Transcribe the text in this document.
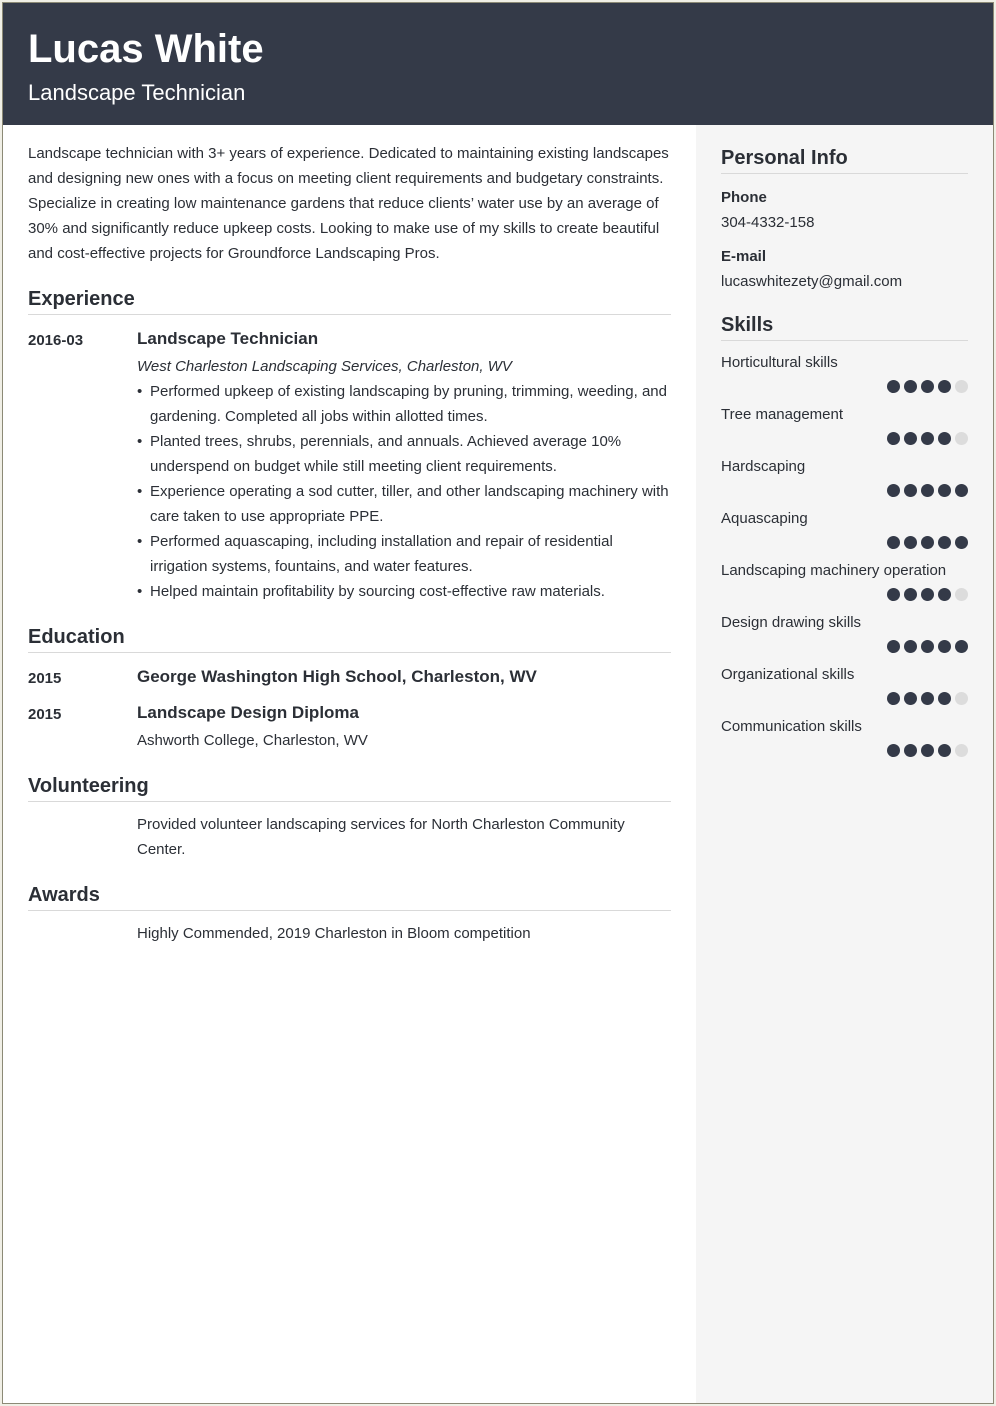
Lucas White
Landscape Technician
Landscape technician with 3+ years of experience. Dedicated to maintaining existing landscapes and designing new ones with a focus on meeting client requirements and budgetary constraints. Specialize in creating low maintenance gardens that reduce clients’ water use by an average of 30% and significantly reduce upkeep costs. Looking to make use of my skills to create beautiful and cost-effective projects for Groundforce Landscaping Pros.
Experience
2016-03	Landscape Technician
West Charleston Landscaping Services, Charleston, WV
• Performed upkeep of existing landscaping by pruning, trimming, weeding, and gardening. Completed all jobs within allotted times.
• Planted trees, shrubs, perennials, and annuals. Achieved average 10% underspend on budget while still meeting client requirements.
• Experience operating a sod cutter, tiller, and other landscaping machinery with care taken to use appropriate PPE.
• Performed aquascaping, including installation and repair of residential irrigation systems, fountains, and water features.
• Helped maintain profitability by sourcing cost-effective raw materials.
Education
2015	George Washington High School, Charleston, WV
2015	Landscape Design Diploma
Ashworth College, Charleston, WV
Volunteering
Provided volunteer landscaping services for North Charleston Community Center.
Awards
Highly Commended, 2019 Charleston in Bloom competition
Personal Info
Phone
304-4332-158
E-mail
lucaswhitezety@gmail.com
Skills
Horticultural skills
Tree management
Hardscaping
Aquascaping
Landscaping machinery operation
Design drawing skills
Organizational skills
Communication skills
